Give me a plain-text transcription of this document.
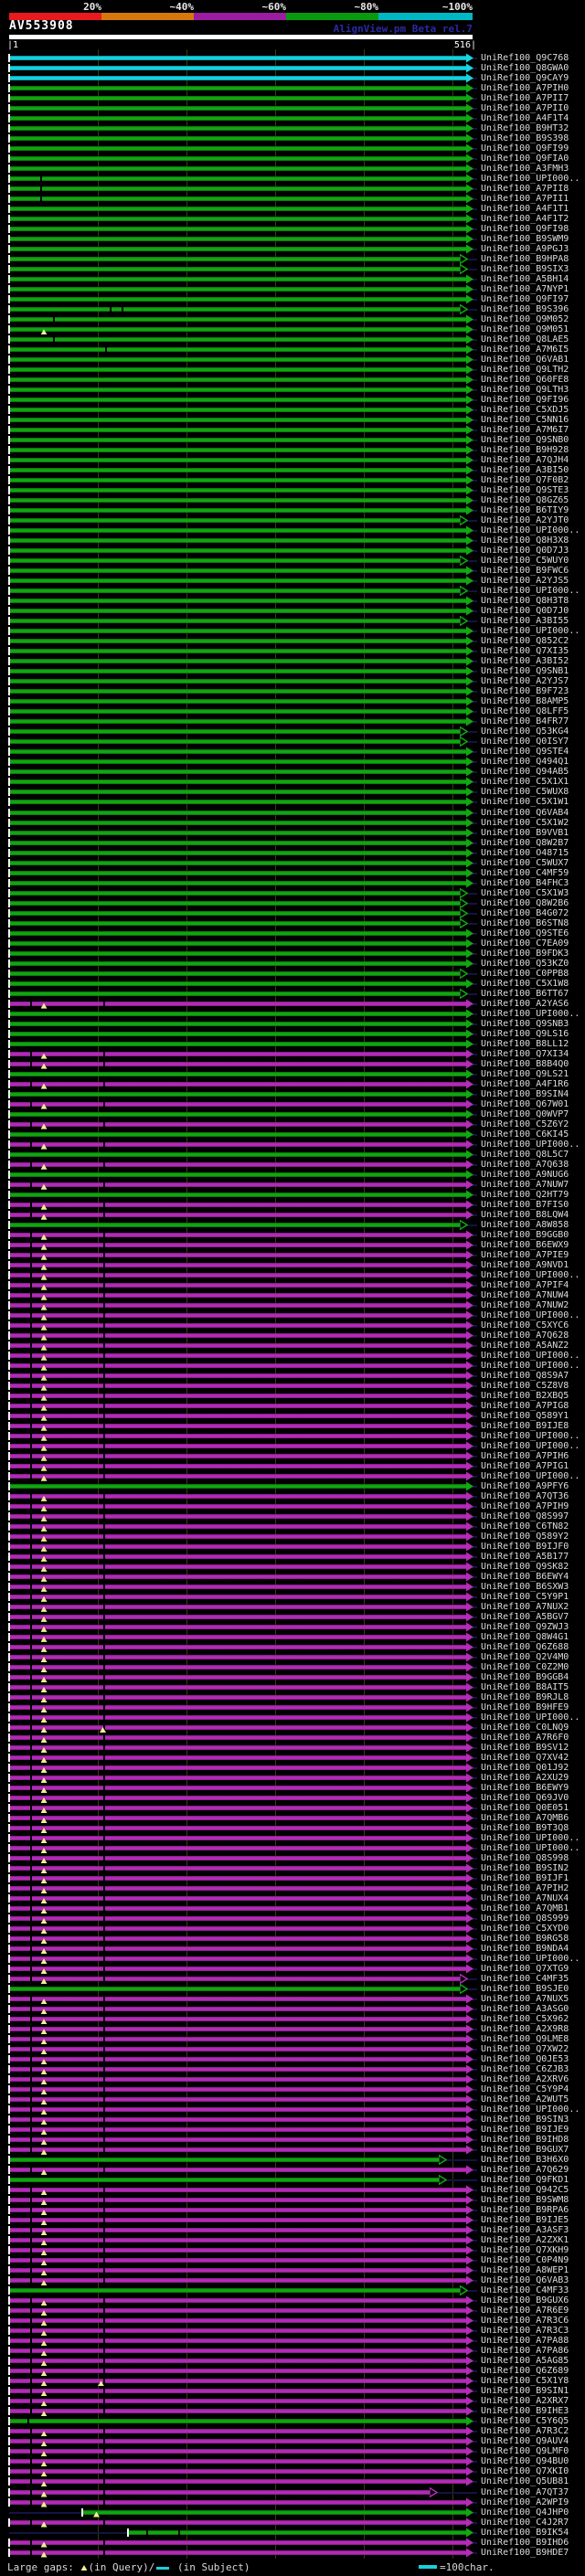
20%	~40%	~60%	~80%	~100%
AV553908	AlignView.pm Beta rel.7
|1	516|
UniRef100_Q9C768
UniRef100_Q8GWA0
UniRef100_Q9CAY9
UniRef100_A7PIH0
UniRef100_A7PII7
UniRef100_A7PII0
UniRef100_A4F1T4
UniRef100_B9HT32
UniRef100_B9S398
UniRef100_Q9FI99
UniRef100_Q9FIA0
UniRef100_A3FMH3
UniRef100_UPI000..
UniRef100_A7PII8
UniRef100_A7PII1
UniRef100_A4F1T1
UniRef100_A4F1T2
UniRef100_Q9FI98
UniRef100_B9SWM9
UniRef100_A9PGJ3
UniRef100_B9HPA8
UniRef100_B9SIX3
UniRef100_A5BH14
UniRef100_A7NYP1
UniRef100_Q9FI97
UniRef100_B9S396
UniRef100_Q9M052
UniRef100_Q9M051
UniRef100_Q8LAE5
UniRef100_A7M6I5
UniRef100_Q6VAB1
UniRef100_Q9LTH2
UniRef100_Q60FE8
UniRef100_Q9LTH3
UniRef100_Q9FI96
UniRef100_C5XDJ5
UniRef100_C5NN16
UniRef100_A7M6I7
UniRef100_Q9SNB0
UniRef100_B9H928
UniRef100_A7QJH4
UniRef100_A3BI50
UniRef100_Q7F0B2
UniRef100_Q9STE3
UniRef100_Q8GZ65
UniRef100_B6TIY9
UniRef100_A2YJT0
UniRef100_UPI000..
UniRef100_Q8H3X8
UniRef100_Q0D7J3
UniRef100_C5WUY0
UniRef100_B9FWC6
UniRef100_A2YJS5
UniRef100_UPI000..
UniRef100_Q8H3T8
UniRef100_Q0D7J0
UniRef100_A3BI55
UniRef100_UPI000..
UniRef100_Q852C2
UniRef100_Q7XI35
UniRef100_A3BI52
UniRef100_Q9SNB1
UniRef100_A2YJS7
UniRef100_B9F723
UniRef100_B8AMP5
UniRef100_Q8LFF5
UniRef100_B4FR77
UniRef100_Q53KG4
UniRef100_Q0ISY7
UniRef100_Q9STE4
UniRef100_Q494Q1
UniRef100_Q94AB5
UniRef100_C5X1X1
UniRef100_C5WUX8
UniRef100_C5X1W1
UniRef100_Q6VAB4
UniRef100_C5X1W2
UniRef100_B9VVB1
UniRef100_Q8W2B7
UniRef100_O48715
UniRef100_C5WUX7
UniRef100_C4MF59
UniRef100_B4FHC3
UniRef100_C5X1W3
UniRef100_Q8W2B6
UniRef100_B4G072
UniRef100_B6STN8
UniRef100_Q9STE6
UniRef100_C7EA09
UniRef100_B9FDK3
UniRef100_Q53KZ0
UniRef100_C0PPB8
UniRef100_C5X1W8
UniRef100_B6TT67
UniRef100_A2YAS6
UniRef100_UPI000..
UniRef100_Q9SNB3
UniRef100_Q9LS16
UniRef100_B8LL12
UniRef100_Q7XI34
UniRef100_B8B4Q0
UniRef100_Q9LS21
UniRef100_A4F1R6
UniRef100_B9SIN4
UniRef100_Q67W01
UniRef100_Q0WVP7
UniRef100_C5Z6Y2
UniRef100_C6KI45
UniRef100_UPI000..
UniRef100_Q8L5C7
UniRef100_A7Q638
UniRef100_A9NUG6
UniRef100_A7NUW7
UniRef100_Q2HT79
UniRef100_B7FIS0
UniRef100_B8LQW4
UniRef100_A8W858
UniRef100_B9GGB0
UniRef100_B6EWX9
UniRef100_A7PIE9
UniRef100_A9NVD1
UniRef100_UPI000..
UniRef100_A7PIF4
UniRef100_A7NUW4
UniRef100_A7NUW2
UniRef100_UPI000..
UniRef100_C5XYC6
UniRef100_A7Q628
UniRef100_A5ANZ2
UniRef100_UPI000..
UniRef100_UPI000..
UniRef100_Q8S9A7
UniRef100_C5Z8V8
UniRef100_B2XBQ5
UniRef100_A7PIG8
UniRef100_Q589Y1
UniRef100_B9IJE8
UniRef100_UPI000..
UniRef100_UPI000..
UniRef100_A7PIH6
UniRef100_A7PIG1
UniRef100_UPI000..
UniRef100_A9PFY6
UniRef100_A7QT36
UniRef100_A7PIH9
UniRef100_Q8S997
UniRef100_C6TN82
UniRef100_Q589Y2
UniRef100_B9IJF0
UniRef100_A5B177
UniRef100_Q9SK82
UniRef100_B6EWY4
UniRef100_B6SXW3
UniRef100_C5Y9P1
UniRef100_A7NUX2
UniRef100_A5BGV7
UniRef100_Q9ZWJ3
UniRef100_Q8W4G1
UniRef100_Q6Z688
UniRef100_Q2V4M0
UniRef100_C0Z2M0
UniRef100_B9GGB4
UniRef100_B8AIT5
UniRef100_B9RJL8
UniRef100_B9HFE9
UniRef100_UPI000..
UniRef100_C0LNQ9
UniRef100_A7R6F0
UniRef100_B9SV12
UniRef100_Q7XV42
UniRef100_Q01J92
UniRef100_A2XU29
UniRef100_B6EWY9
UniRef100_Q69JV0
UniRef100_Q0E051
UniRef100_A7QMB6
UniRef100_B9T3Q8
UniRef100_UPI000..
UniRef100_UPI000..
UniRef100_Q8S998
UniRef100_B9SIN2
UniRef100_B9IJF1
UniRef100_A7PIH2
UniRef100_A7NUX4
UniRef100_A7QMB1
UniRef100_Q8S999
UniRef100_C5XYD0
UniRef100_B9RG58
UniRef100_B9NDA4
UniRef100_UPI000..
UniRef100_Q7XTG9
UniRef100_C4MF35
UniRef100_B9SJE0
UniRef100_A7NUX5
UniRef100_A3ASG0
UniRef100_C5X962
UniRef100_A2X9R8
UniRef100_Q9LME8
UniRef100_Q7XW22
UniRef100_Q0JE53
UniRef100_C6ZJB3
UniRef100_A2XRV6
UniRef100_C5Y9P4
UniRef100_A2WUT5
UniRef100_UPI000..
UniRef100_B9SIN3
UniRef100_B9IJE9
UniRef100_B9IHD8
UniRef100_B9GUX7
UniRef100_B3H6X0
UniRef100_A7Q629
UniRef100_Q9FKD1
UniRef100_Q942C5
UniRef100_B9SWM8
UniRef100_B9RPA6
UniRef100_B9IJE5
UniRef100_A3ASF3
UniRef100_A2ZXK1
UniRef100_Q7XKH9
UniRef100_C0P4N9
UniRef100_A8WEP1
UniRef100_Q6VAB3
UniRef100_C4MF33
UniRef100_B9GUX6
UniRef100_A7R6E9
UniRef100_A7R3C6
UniRef100_A7R3C3
UniRef100_A7PA88
UniRef100_A7PA86
UniRef100_A5AG85
UniRef100_Q6Z689
UniRef100_C5X1Y8
UniRef100_B9SIN1
UniRef100_A2XRX7
UniRef100_B9IHE3
UniRef100_C5Y6Q5
UniRef100_A7R3C2
UniRef100_Q9AUV4
UniRef100_Q9LMF0
UniRef100_Q94BU0
UniRef100_Q7XKI0
UniRef100_Q5UB81
UniRef100_A7QT37
UniRef100_A2WPI9
UniRef100_Q4JHP0
UniRef100_C4J2R7
UniRef100_B9IK54
UniRef100_B9IHD6
UniRef100_B9HDE7
Large gaps: (in Query)/ (in Subject)	=100char.
